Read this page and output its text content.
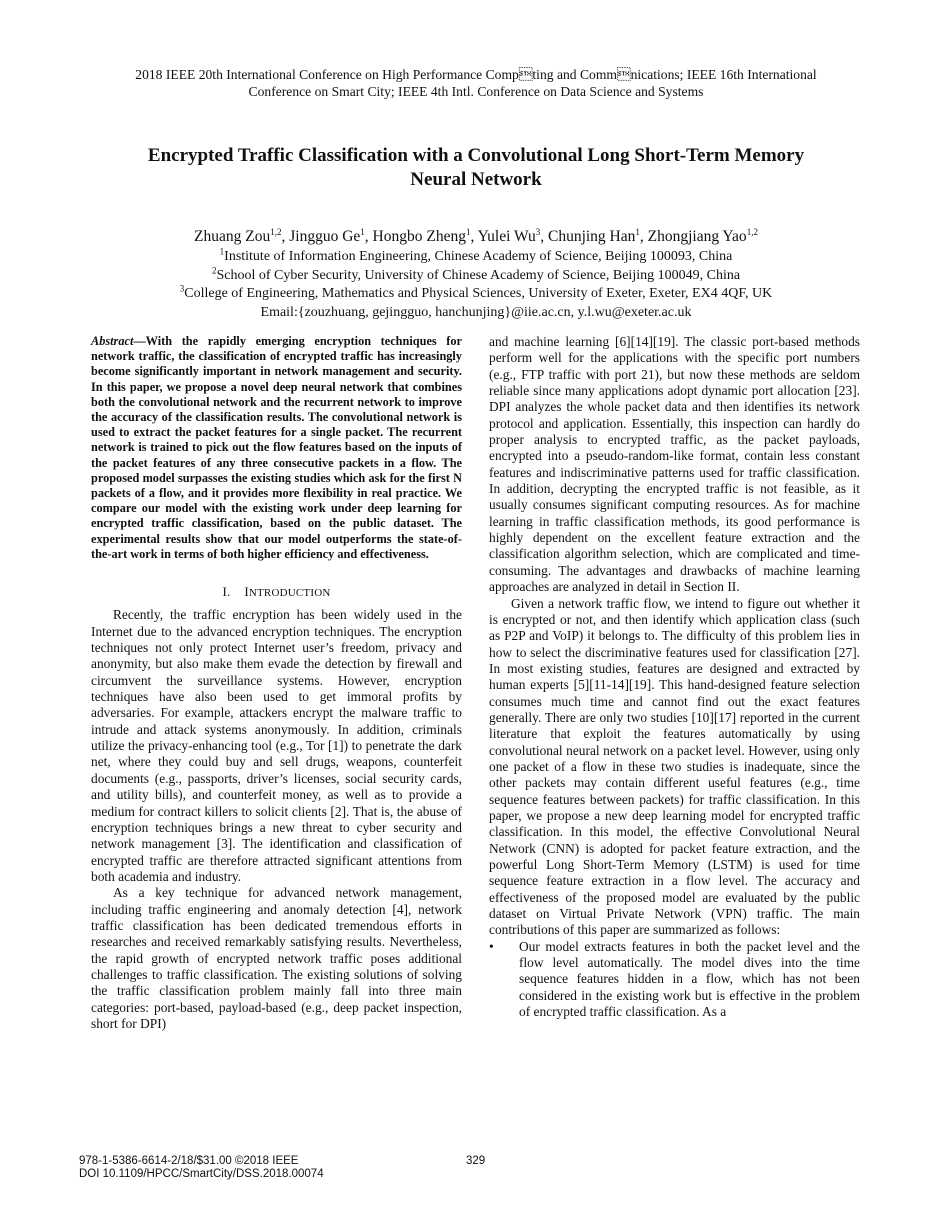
2018 IEEE 20th International Conference on High Performance Compting and Commnications; IEEE 16th International
Conference on Smart City; IEEE 4th Intl. Conference on Data Science and Systems
Encrypted Traffic Classification with a Convolutional Long Short-Term Memory
Neural Network
Zhuang Zou$^{1,2}$, Jingguo Ge$^1$, Hongbo Zheng$^1$, Yulei Wu$^3$, Chunjing Han$^1$, Zhongjiang Yao$^{1,2}$
$^1$Institute of Information Engineering, Chinese Academy of Science, Beijing 100093, China
$^2$School of Cyber Security, University of Chinese Academy of Science, Beijing 100049, China
$^3$College of Engineering, Mathematics and Physical Sciences, University of Exeter, Exeter, EX4 4QF, UK
Email:{zouzhuang, gejingguo, hanchunjing}@iie.ac.cn, y.l.wu@exeter.ac.uk
Abstract—With the rapidly emerging encryption techniques for network traffic, the classification of encrypted traffic has increasingly become significantly important in network management and security. In this paper, we propose a novel deep neural network that combines both the convolutional network and the recurrent network to improve the accuracy of the classification results. The convolutional network is used to extract the packet features for a single packet. The recurrent network is trained to pick out the flow features based on the inputs of the packet features of any three consecutive packets in a flow. The proposed model surpasses the existing studies which ask for the first N packets of a flow, and it provides more flexibility in real practice. We compare our model with the existing work under deep learning for encrypted traffic classification, based on the public dataset. The experimental results show that our model outperforms the state-of-the-art work in terms of both higher efficiency and effectiveness.
I. INTRODUCTION

Recently, the traffic encryption has been widely used in the Internet due to the advanced encryption techniques. The encryption techniques not only protect Internet user’s freedom, privacy and anonymity, but also make them evade the detection by firewall and circumvent the surveillance systems. However, encryption techniques have also been used to get immoral profits by adversaries. For example, attackers encrypt the malware traffic to intrude and attack systems anonymously. In addition, criminals utilize the privacy-enhancing tool (e.g., Tor [1]) to penetrate the dark net, where they could buy and sell drugs, weapons, counterfeit documents (e.g., passports, driver’s licenses, social security cards, and utility bills), and counterfeit money, as well as to provide a medium for contract killers to solicit clients [2]. That is, the abuse of encryption techniques brings a new threat to cyber security and network management [3]. The identification and classification of encrypted traffic are therefore attracted significant attentions from both academia and industry.

As a key technique for advanced network management, including traffic engineering and anomaly detection [4], network traffic classification has been dedicated tremendous efforts in researches and received remarkably satisfying results. Nevertheless, the rapid growth of encrypted network traffic poses additional challenges to traffic classification. The existing solutions of solving the traffic classification problem mainly fall into three main categories: port-based, payload-based (e.g., deep packet inspection, short for DPI)

and machine learning [6][14][19]. The classic port-based methods perform well for the applications with the specific port numbers (e.g., FTP traffic with port 21), but now these methods are seldom reliable since many applications adopt dynamic port allocation [23]. DPI analyzes the whole packet data and then identifies its network protocol and application. Essentially, this inspection can hardly do proper analysis to encrypted traffic, as the packet payloads, encrypted into a pseudo-random-like format, contain less constant features and indiscriminative patterns used for traffic classification. In addition, decrypting the encrypted traffic is not feasible, as it usually consumes significant computing resources. As for machine learning in traffic classification methods, its good performance is highly dependent on the excellent feature extraction and the classification algorithm selection, which are complicated and time-consuming. The advantages and drawbacks of machine learning approaches are analyzed in detail in Section II.

Given a network traffic flow, we intend to figure out whether it is encrypted or not, and then identify which application class (such as P2P and VoIP) it belongs to. The difficulty of this problem lies in how to select the discriminative features used for classification [27]. In most existing studies, features are designed and extracted by human experts [5][11-14][19]. This hand-designed feature selection consumes much time and cannot find out the exact features generally. There are only two studies [10][17] reported in the current literature that exploit the features automatically by using convolutional neural network on a packet level. However, using only one packet of a flow in these two studies is inadequate, since the other packets may contain different useful features (e.g., time sequence features between packets) for traffic classification. In this paper, we propose a new deep learning model for encrypted traffic classification. In this model, the effective Convolutional Neural Network (CNN) is adopted for packet feature extraction, and the powerful Long Short-Term Memory (LSTM) is used for time sequence feature extraction in a flow level. The accuracy and effectiveness of the proposed model are evaluated by the public dataset on Virtual Private Network (VPN) traffic. The main contributions of this paper are summarized as follows:

• Our model extracts features in both the packet level and the flow level automatically. The model dives into the time sequence features hidden in a flow, which has not been considered in the existing work but is effective in the problem of encrypted traffic classification. As a
978-1-5386-6614-2/18/$31.00 ©2018 IEEE
DOI 10.1109/HPCC/SmartCity/DSS.2018.00074
329
